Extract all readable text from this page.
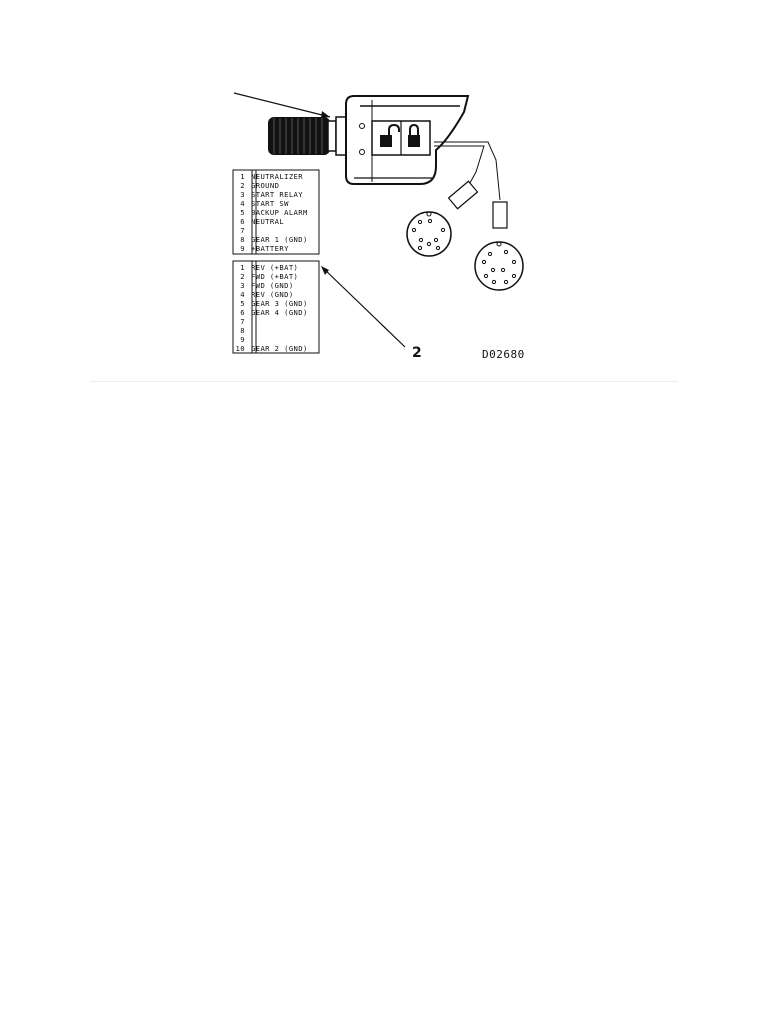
1 NEUTRALIZER
2 GROUND
3 START RELAY
4 START SW
5 BACKUP ALARM
6 NEUTRAL
7
8 GEAR 1 (GND)
9 +BATTERY
1 REV (+BAT)
2 FWD (+BAT)
3 FWD (GND)
4 REV (GND)
5 GEAR 3 (GND)
6 GEAR 4 (GND)
7
8
9
10 GEAR 2 (GND)	2	D02680
